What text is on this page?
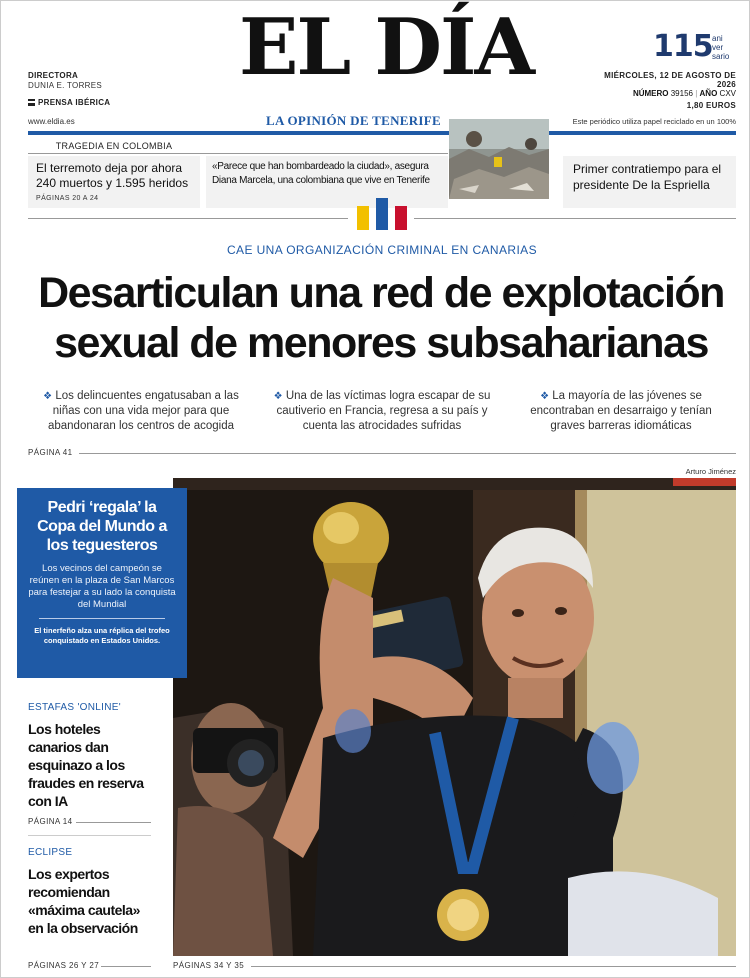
DIRECTORA
DUNIA E. TORRES
PRENSA IBÉRICA
www.eldia.es
EL DÍA
LA OPINIÓN DE TENERIFE
115 ani
ver
sario
MIÉRCOLES, 12 DE AGOSTO DE 2026
NÚMERO 39156 | AÑO CXV
1,80 EUROS
Este periódico utiliza papel reciclado en un 100%
TRAGEDIA EN COLOMBIA
El terremoto deja por ahora 240 muertos y 1.595 heridos
PÁGINAS 20 A 24
«Parece que han bombardeado la ciudad», asegura Diana Marcela, una colombiana que vive en Tenerife
Primer contratiempo para el presidente De la Espriella
CAE UNA ORGANIZACIÓN CRIMINAL EN CANARIAS
Desarticulan una red de explotación
sexual de menores subsaharianas
❖ Los delincuentes engatusaban a las niñas con una vida mejor para que abandonaran los centros de acogida
❖ Una de las víctimas logra escapar de su cautiverio en Francia, regresa a su país y cuenta las atrocidades sufridas
❖ La mayoría de las jóvenes se encontraban en desarraigo y tenían graves barreras idiomáticas
PÁGINA 41
Arturo Jiménez
Pedri ‘regala’ la Copa del Mundo a los teguesteros
Los vecinos del campeón se reúnen en la plaza de San Marcos para festejar a su lado la conquista del Mundial
El tinerfeño alza una réplica del trofeo conquistado en Estados Unidos.
ESTAFAS 'ONLINE'
Los hoteles canarios dan esquinazo a los fraudes en reserva con IA
PÁGINA 14
ECLIPSE
Los expertos recomiendan «máxima cautela» en la observación
PÁGINAS 26 Y 27	PÁGINAS 34 Y 35
